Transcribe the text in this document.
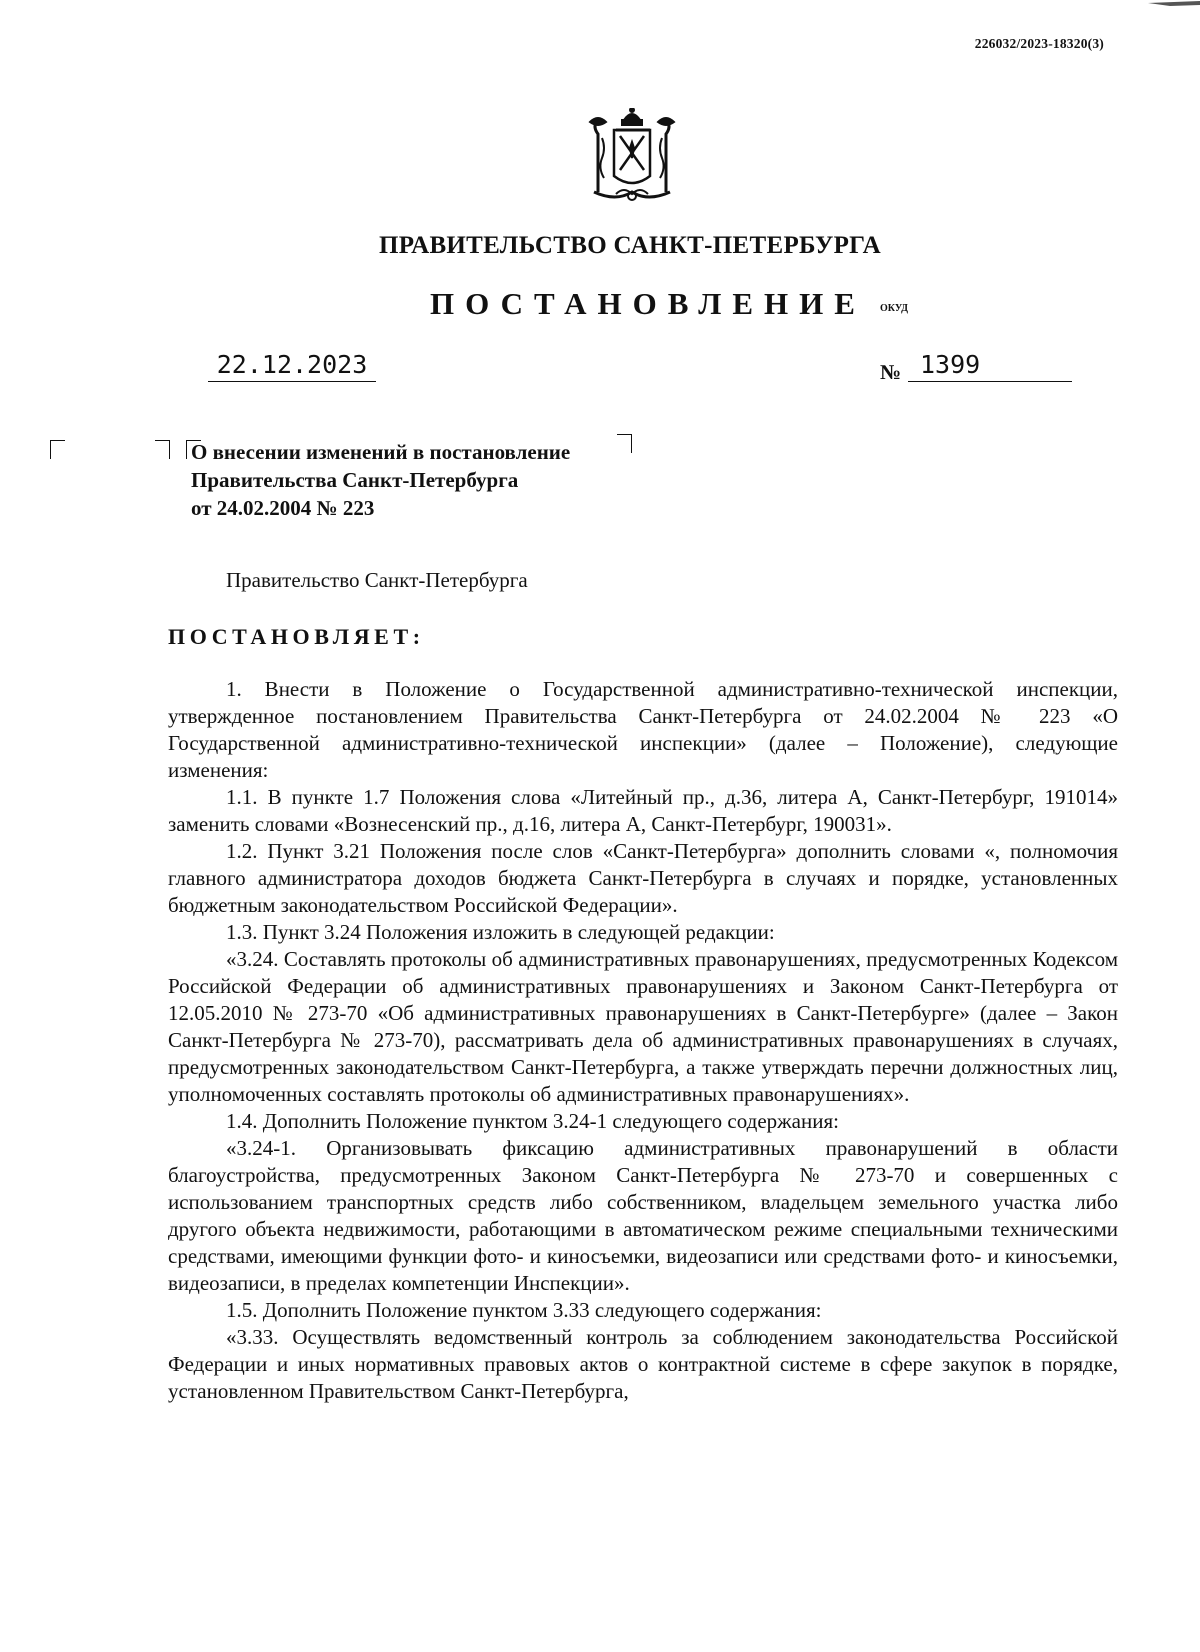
226032/2023-18320(3)
ПРАВИТЕЛЬСТВО САНКТ-ПЕТЕРБУРГА
ПОСТАНОВЛЕНИЕ ОКУД
22.12.2023	№ 1399
О внесении изменений в постановление
Правительства Санкт-Петербурга
от 24.02.2004 № 223
Правительство Санкт-Петербурга
ПОСТАНОВЛЯЕТ:

1. Внести в Положение о Государственной административно-технической инспекции, утвержденное постановлением Правительства Санкт-Петербурга от 24.02.2004 № 223 «О Государственной административно-технической инспекции» (далее – Положение), следующие изменения:

1.1. В пункте 1.7 Положения слова «Литейный пр., д.36, литера А, Санкт-Петербург, 191014» заменить словами «Вознесенский пр., д.16, литера А, Санкт-Петербург, 190031».

1.2. Пункт 3.21 Положения после слов «Санкт-Петербурга» дополнить словами «, полномочия главного администратора доходов бюджета Санкт-Петербурга в случаях и порядке, установленных бюджетным законодательством Российской Федерации».

1.3. Пункт 3.24 Положения изложить в следующей редакции:

«3.24. Составлять протоколы об административных правонарушениях, предусмотренных Кодексом Российской Федерации об административных правонарушениях и Законом Санкт-Петербурга от 12.05.2010 № 273-70 «Об административных правонарушениях в Санкт-Петербурге» (далее – Закон Санкт-Петербурга № 273-70), рассматривать дела об административных правонарушениях в случаях, предусмотренных законодательством Санкт-Петербурга, а также утверждать перечни должностных лиц, уполномоченных составлять протоколы об административных правонарушениях».

1.4. Дополнить Положение пунктом 3.24-1 следующего содержания:

«3.24-1. Организовывать фиксацию административных правонарушений в области благоустройства, предусмотренных Законом Санкт-Петербурга № 273-70 и совершенных с использованием транспортных средств либо собственником, владельцем земельного участка либо другого объекта недвижимости, работающими в автоматическом режиме специальными техническими средствами, имеющими функции фото- и киносъемки, видеозаписи или средствами фото- и киносъемки, видеозаписи, в пределах компетенции Инспекции».

1.5. Дополнить Положение пунктом 3.33 следующего содержания:

«3.33. Осуществлять ведомственный контроль за соблюдением законодательства Российской Федерации и иных нормативных правовых актов о контрактной системе в сфере закупок в порядке, установленном Правительством Санкт-Петербурга,
